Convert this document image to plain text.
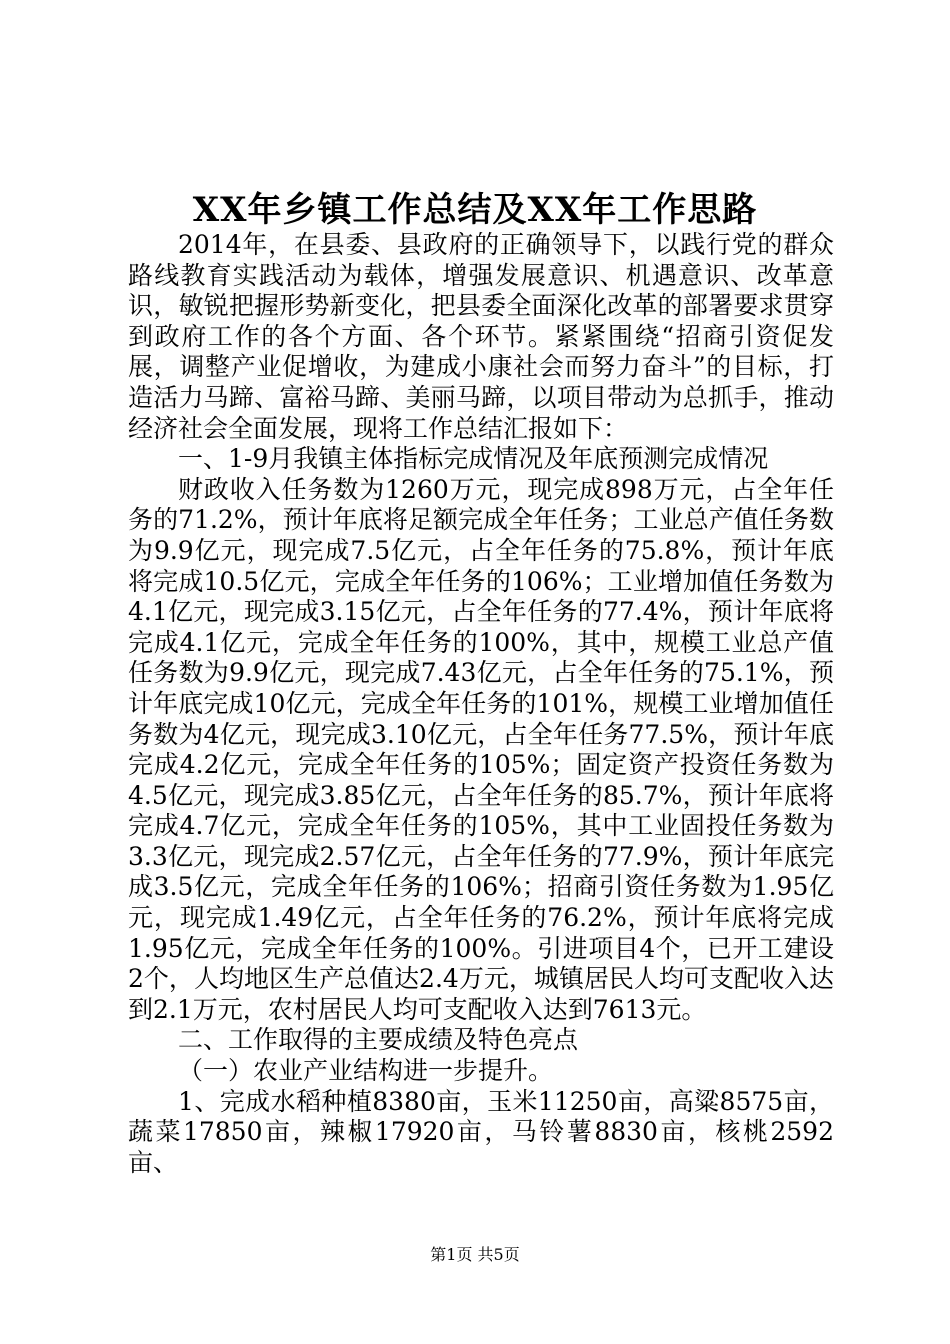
XX年乡镇工作总结及XX年工作思路

2014年，在县委、县政府的正确领导下，以践行党的群众路线教育实践活动为载体，增强发展意识、机遇意识、改革意识，敏锐把握形势新变化，把县委全面深化改革的部署要求贯穿到政府工作的各个方面、各个环节。紧紧围绕“招商引资促发展，调整产业促增收，为建成小康社会而努力奋斗”的目标，打造活力马蹄、富裕马蹄、美丽马蹄，以项目带动为总抓手，推动经济社会全面发展，现将工作总结汇报如下：

一、1-9月我镇主体指标完成情况及年底预测完成情况

财政收入任务数为1260万元，现完成898万元，占全年任务的71.2%，预计年底将足额完成全年任务；工业总产值任务数为9.9亿元，现完成7.5亿元，占全年任务的75.8%，预计年底将完成10.5亿元，完成全年任务的106%；工业增加值任务数为4.1亿元，现完成3.15亿元，占全年任务的77.4%，预计年底将完成4.1亿元，完成全年任务的100%，其中，规模工业总产值任务数为9.9亿元，现完成7.43亿元，占全年任务的75.1%，预计年底完成10亿元，完成全年任务的101%，规模工业增加值任务数为4亿元，现完成3.10亿元，占全年任务77.5%，预计年底完成4.2亿元，完成全年任务的105%；固定资产投资任务数为4.5亿元，现完成3.85亿元，占全年任务的85.7%，预计年底将完成4.7亿元，完成全年任务的105%，其中工业固投任务数为3.3亿元，现完成2.57亿元，占全年任务的77.9%，预计年底完成3.5亿元，完成全年任务的106%；招商引资任务数为1.95亿元，现完成1.49亿元，占全年任务的76.2%，预计年底将完成1.95亿元，完成全年任务的100%。引进项目4个，已开工建设2个，人均地区生产总值达2.4万元，城镇居民人均可支配收入达到2.1万元，农村居民人均可支配收入达到7613元。

二、工作取得的主要成绩及特色亮点

（一）农业产业结构进一步提升。

1、完成水稻种植8380亩，玉米11250亩，高粱8575亩，蔬菜17850亩，辣椒17920亩，马铃薯8830亩，核桃2592亩、

第1页 共5页
